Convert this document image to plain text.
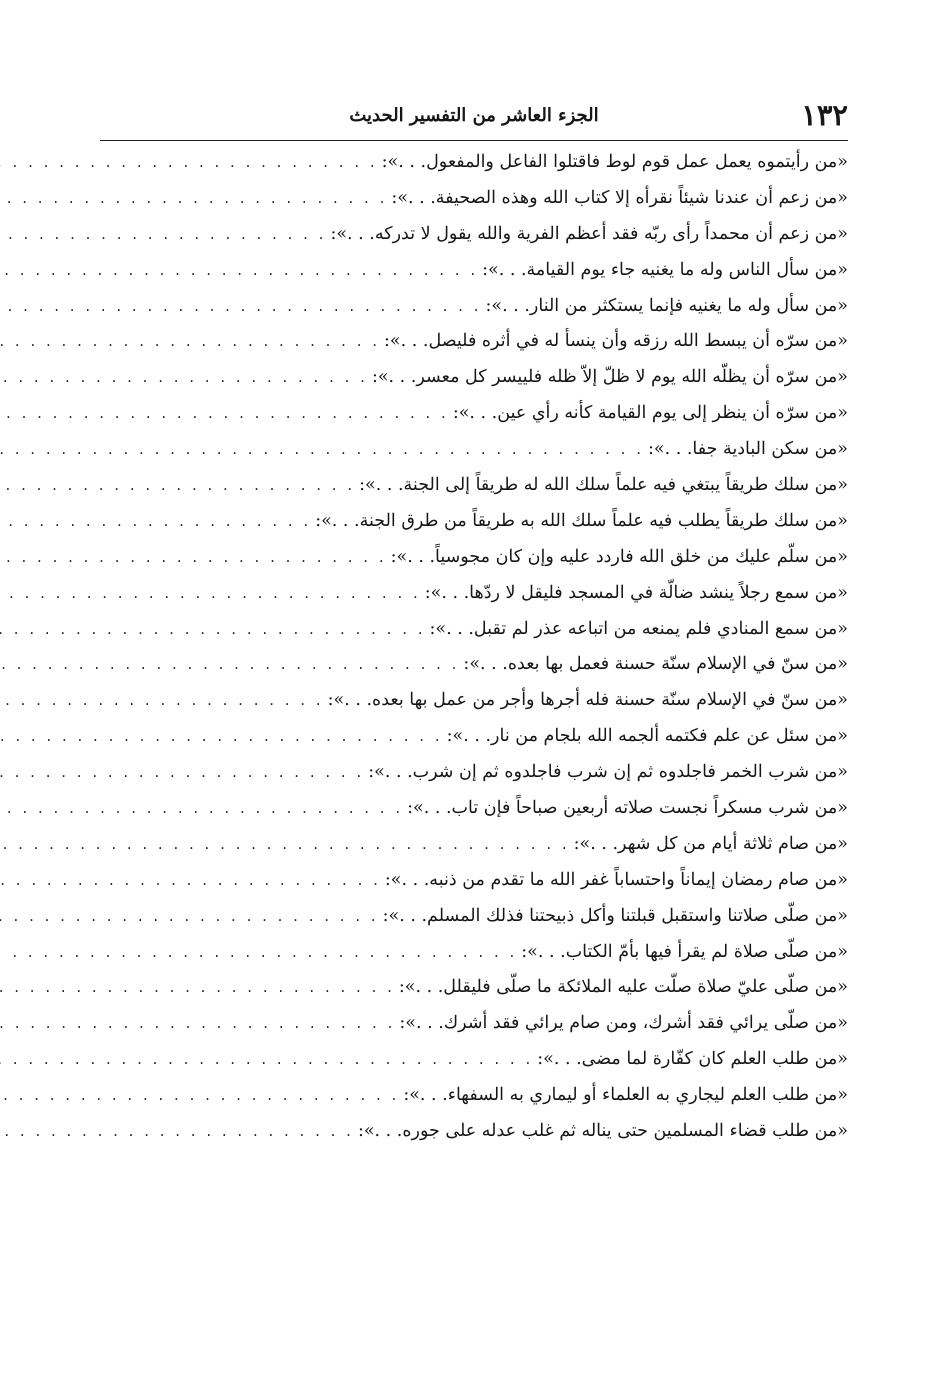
١٣٢
الجزء العاشر من التفسير الحديث
«من رأيتموه يعمل عمل قوم لوط فاقتلوا الفاعل والمفعول. . .»:
. . .
«من زعم أن عندنا شيئاً نقرأه إلا كتاب الله وهذه الصحيفة. . .»:
. . .
«من زعم أن محمداً رأى ربّه فقد أعظم الفرية والله يقول لا تدركه. . .»:
. . .
«من سأل الناس وله ما يغنيه جاء يوم القيامة. . .»:
. . .
«من سأل وله ما يغنيه فإنما يستكثر من النار. . .»:
. . .
«من سرّه أن يبسط الله رزقه وأن ينسأ له في أثره فليصل. . .»:
. . .
«من سرّه أن يظلّه الله يوم لا ظلّ إلاّ ظله فلييسر كل معسر. . .»:
. . .
«من سرّه أن ينظر إلى يوم القيامة كأنه رأي عين. . .»:
. . .
«من سكن البادية جفا. . .»:
. . .
«من سلك طريقاً يبتغي فيه علماً سلك الله له طريقاً إلى الجنة. . .»:
. . .
«من سلك طريقاً يطلب فيه علماً سلك الله به طريقاً من طرق الجنة. . .»:
. . .
«من سلّم عليك من خلق الله فاردد عليه وإن كان مجوسياً. . .»:
. . .
«من سمع رجلاً ينشد ضالّة في المسجد فليقل لا ردّها. . .»:
. . .
«من سمع المنادي فلم يمنعه من اتباعه عذر لم تقبل. . .»:
. . .
«من سنّ في الإسلام سنّة حسنة فعمل بها بعده. . .»:
. . .
«من سنّ في الإسلام سنّة حسنة فله أجرها وأجر من عمل بها بعده. . .»:
. . .
«من سئل عن علم فكتمه ألجمه الله بلجام من نار. . .»:
. . .
«من شرب الخمر فاجلدوه ثم إن شرب فاجلدوه ثم إن شرب. . .»:
. . .
«من شرب مسكراً نجست صلاته أربعين صباحاً فإن تاب. . .»:
. . .
«من صام ثلاثة أيام من كل شهر. . .»:
. . .
«من صام رمضان إيماناً واحتساباً غفر الله ما تقدم من ذنبه. . .»:
. . .
«من صلّى صلاتنا واستقبل قبلتنا وأكل ذبيحتنا فذلك المسلم. . .»:
. . .
«من صلّى صلاة لم يقرأ فيها بأمّ الكتاب. . .»:
. . .
«من صلّى عليّ صلاة صلّت عليه الملائكة ما صلّى فليقلل. . .»:
. . .
«من صلّى يرائي فقد أشرك، ومن صام يرائي فقد أشرك. . .»:
. . .
«من طلب العلم كان كفّارة لما مضى. . .»:
. . .
«من طلب العلم ليجاري به العلماء أو ليماري به السفهاء. . .»:
. . .
«من طلب قضاء المسلمين حتى يناله ثم غلب عدله على جوره. . .»:
. . .
